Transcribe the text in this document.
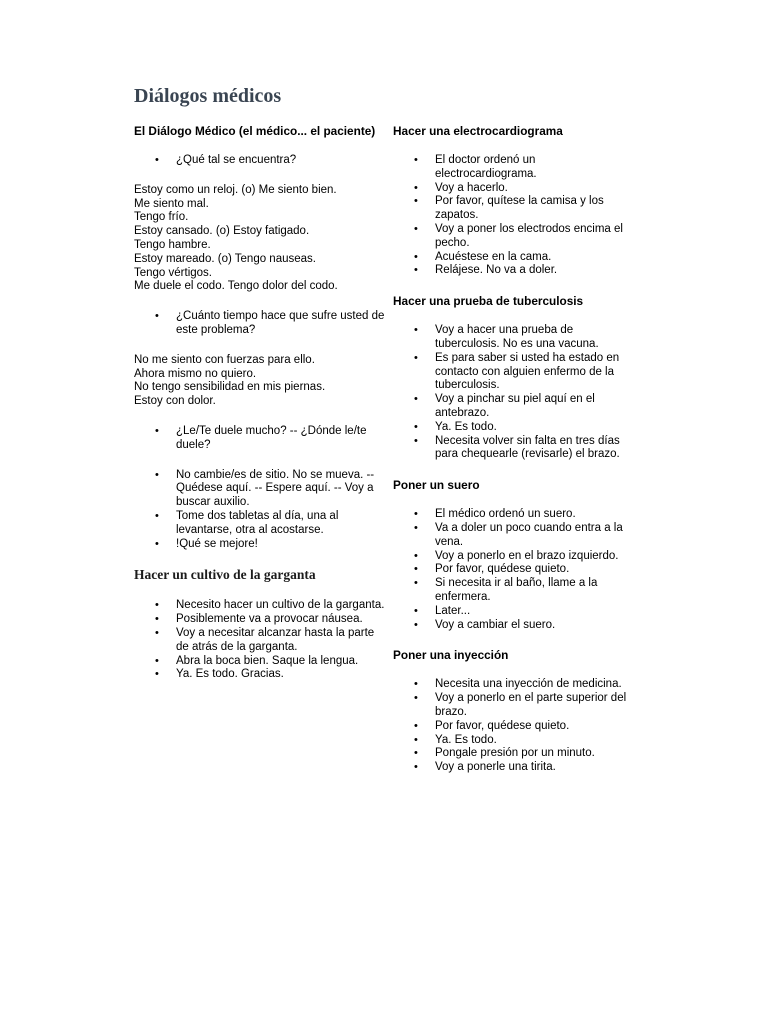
Diálogos médicos
El Diálogo Médico (el médico... el paciente)
• ¿Qué tal se encuentra?

Estoy como un reloj. (o) Me siento bien.

Me siento mal.

Tengo frío.

Estoy cansado. (o) Estoy fatigado.

Tengo hambre.

Estoy mareado. (o) Tengo nauseas.

Tengo vértigos.

Me duele el codo. Tengo dolor del codo.

• ¿Cuánto tiempo hace que sufre usted de este problema?

No me siento con fuerzas para ello.

Ahora mismo no quiero.

No tengo sensibilidad en mis piernas.

Estoy con dolor.

• ¿Le/Te duele mucho? -- ¿Dónde le/te duele?
• No cambie/es de sitio. No se mueva. -- Quédese aquí. -- Espere aquí. -- Voy a buscar auxilio.
• Tome dos tabletas al día, una al levantarse, otra al acostarse.
• !Qué se mejore!
Hacer un cultivo de la garganta
• Necesito hacer un cultivo de la garganta.
• Posiblemente va a provocar náusea.
• Voy a necesitar alcanzar hasta la parte de atrás de la garganta.
• Abra la boca bien. Saque la lengua.
• Ya. Es todo. Gracias.
Hacer una electrocardiograma
• El doctor ordenó un electrocardiograma.
• Voy a hacerlo.
• Por favor, quítese la camisa y los zapatos.
• Voy a poner los electrodos encima el pecho.
• Acuéstese en la cama.
• Relájese. No va a doler.
Hacer una prueba de tuberculosis
• Voy a hacer una prueba de tuberculosis. No es una vacuna.
• Es para saber si usted ha estado en contacto con alguien enfermo de la tuberculosis.
• Voy a pinchar su piel aquí en el antebrazo.
• Ya. Es todo.
• Necesita volver sin falta en tres días para chequearle (revisarle) el brazo.
Poner un suero
• El médico ordenó un suero.
• Va a doler un poco cuando entra a la vena.
• Voy a ponerlo en el brazo izquierdo.
• Por favor, quédese quieto.
• Si necesita ir al baño, llame a la enfermera.
• Later...
• Voy a cambiar el suero.
Poner una inyección
• Necesita una inyección de medicina.
• Voy a ponerlo en el parte superior del brazo.
• Por favor, quédese quieto.
• Ya. Es todo.
• Pongale presión por un minuto.
• Voy a ponerle una tirita.
